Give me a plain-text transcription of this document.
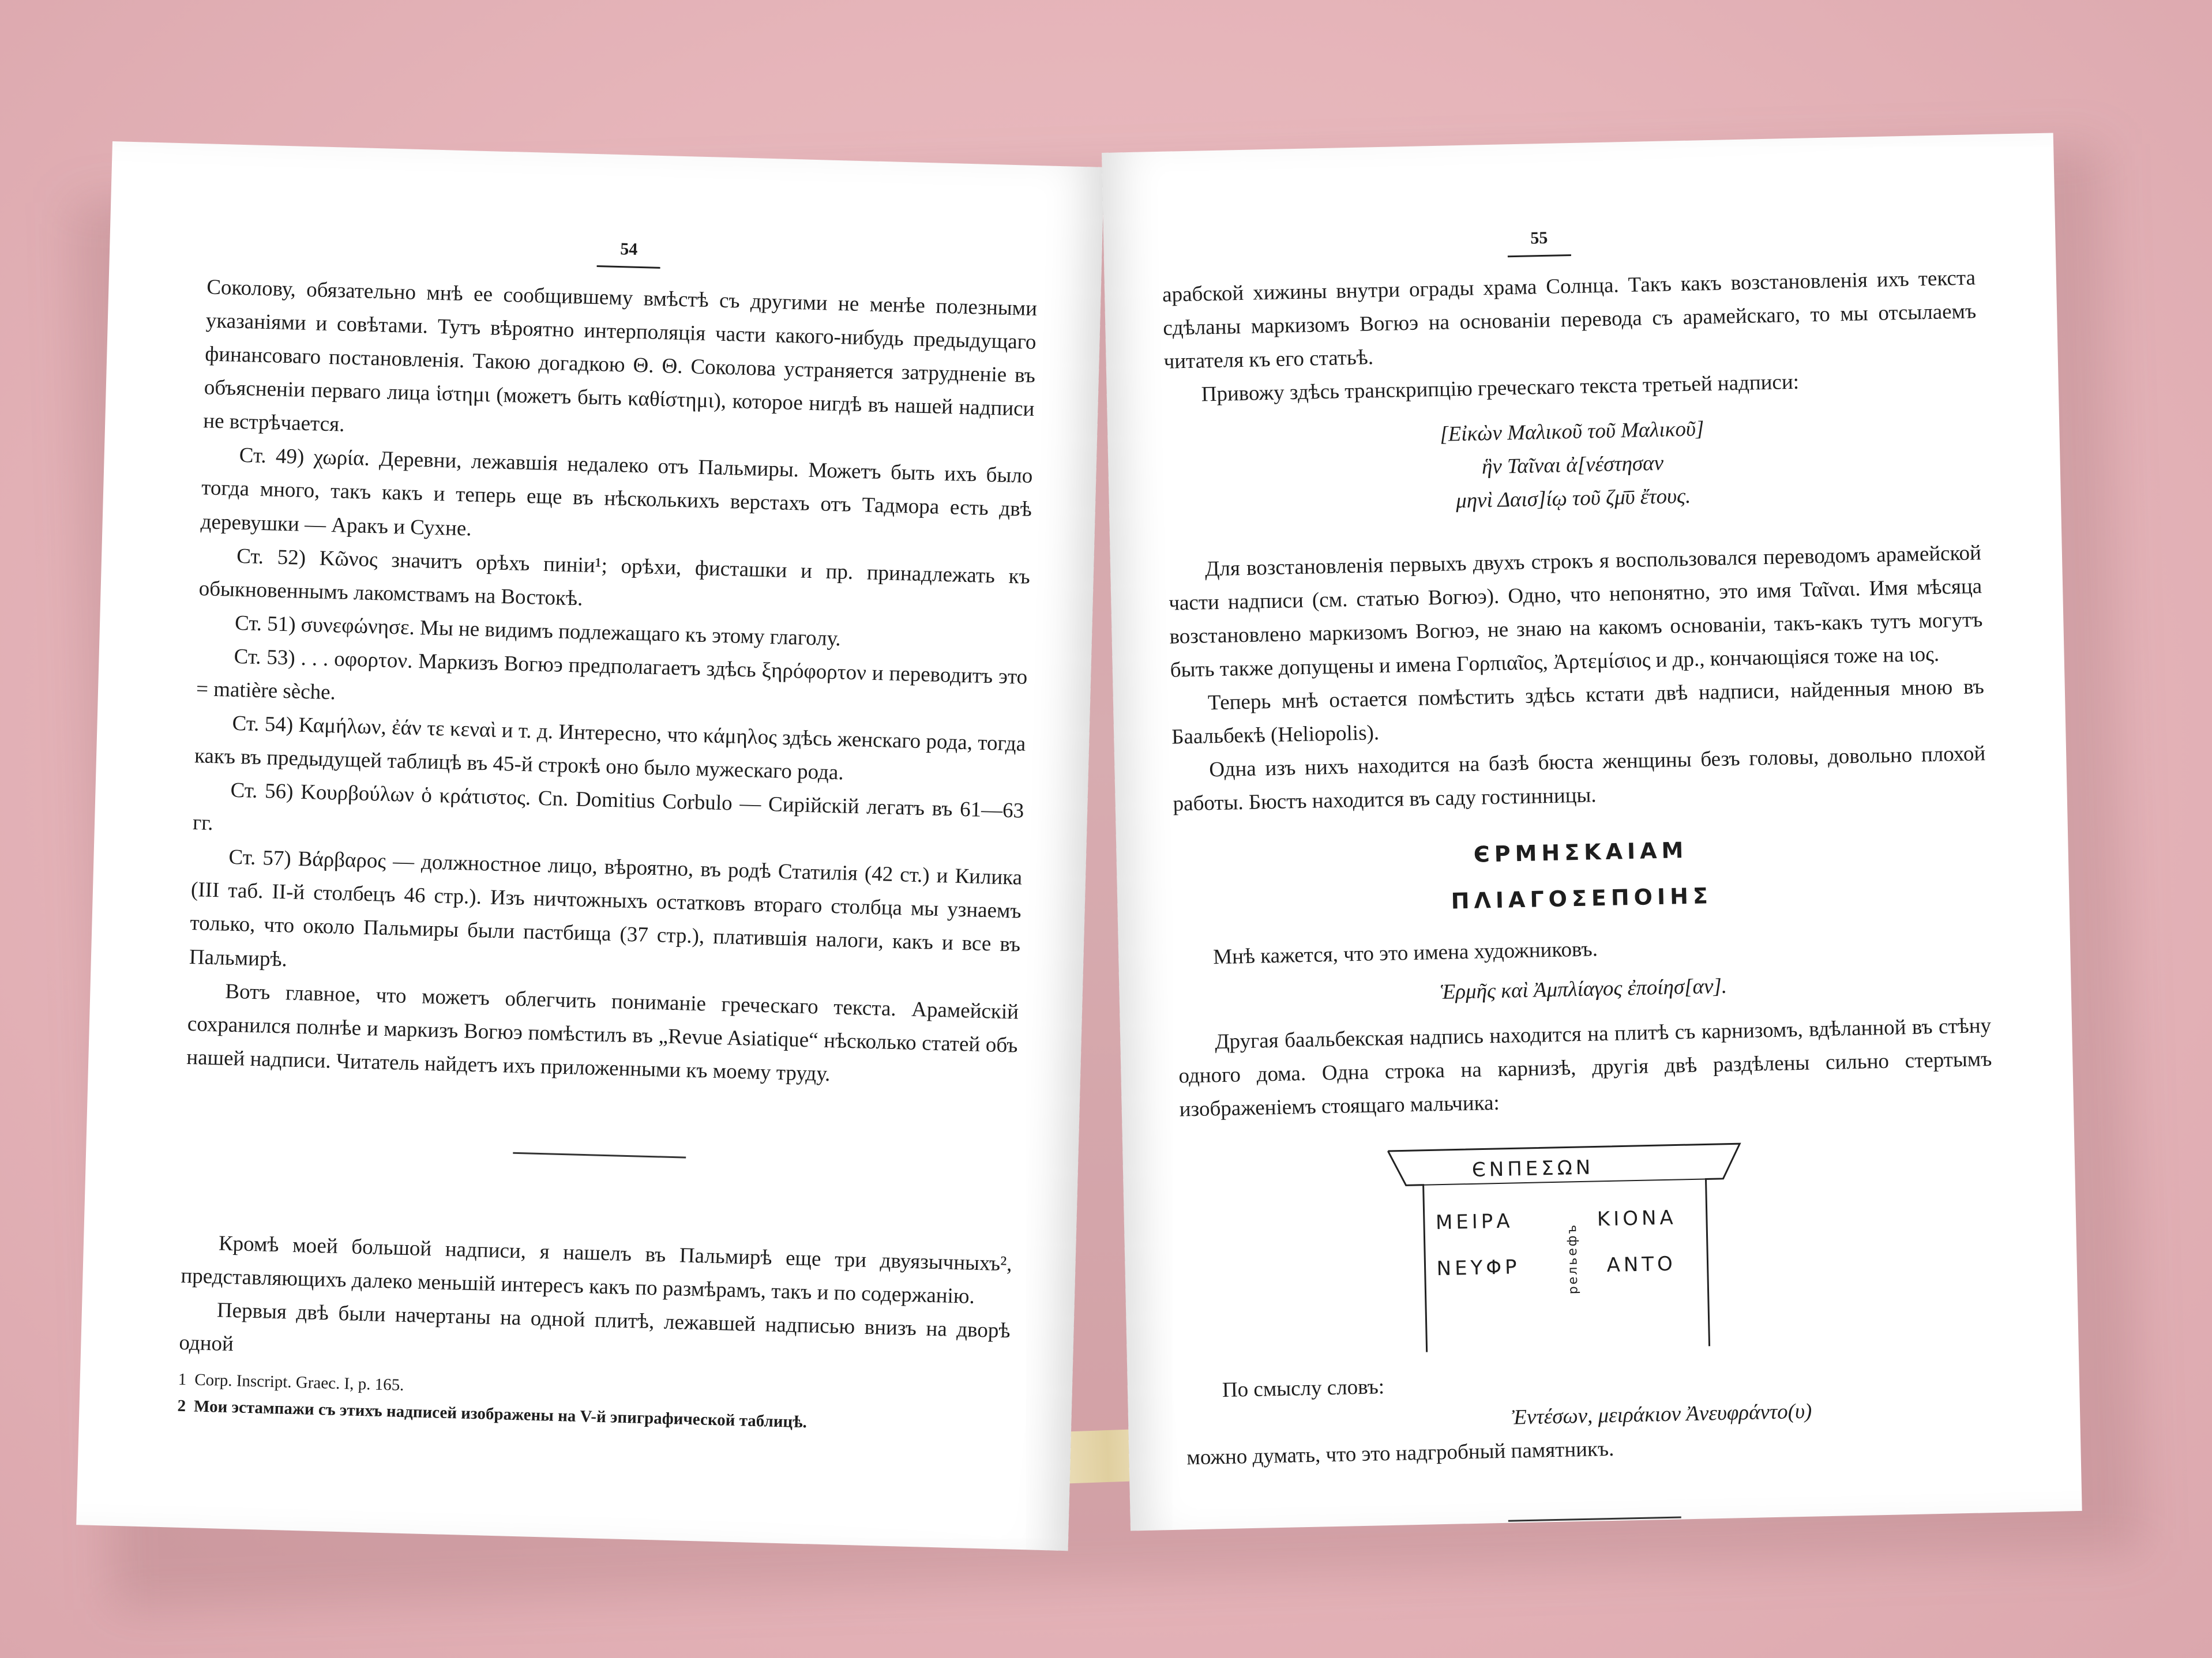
54

Соколову, обязательно мнѣ ее сообщившему вмѣстѣ съ другими не менѣе полезными указаніями и совѣтами. Тутъ вѣроятно интерполяція части какого-нибудь предыдущаго финансоваго постановленія. Такою догадкою Θ. Θ. Соколова устраняется затрудненіе въ объясненіи перваго лица ἱστημι (можетъ быть καθίστημι), которое нигдѣ въ нашей надписи не встрѣчается.

Ст. 49) χωρία. Деревни, лежавшія недалеко отъ Пальмиры. Можетъ быть ихъ было тогда много, такъ какъ и теперь еще въ нѣсколькихъ верстахъ отъ Тадмора есть двѣ деревушки — Аракъ и Сухне.

Ст. 52) Κῶνος значитъ орѣхъ пиніи¹; орѣхи, фисташки и пр. принадлежать къ обыкновеннымъ лакомствамъ на Востокѣ.

Ст. 51) συνεφώνησε. Мы не видимъ подлежащаго къ этому глаголу.

Ст. 53) . . . οφορτον. Маркизъ Вогюэ предполагаетъ здѣсь ξηρόφορτον и переводитъ это = matière sèche.

Ст. 54) Καμήλων, ἐάν τε κεναὶ и т. д. Интересно, что κάμηλος здѣсь женскаго рода, тогда какъ въ предыдущей таблицѣ въ 45-й строкѣ оно было мужескаго рода.

Ст. 56) Κουρβούλων ὁ κράτιστος. Cn. Domitius Corbulo — Сирійскій легатъ въ 61—63 гг.

Ст. 57) Βάρβαρος — должностное лицо, вѣроятно, въ родѣ Статилія (42 ст.) и Килика (III таб. II-й столбецъ 46 стр.). Изъ ничтожныхъ остатковъ втораго столбца мы узнаемъ только, что около Пальмиры были пастбища (37 стр.), платившія налоги, какъ и все въ Пальмирѣ.

Вотъ главное, что можетъ облегчить пониманіе греческаго текста. Арамейскій сохранился полнѣе и маркизъ Вогюэ помѣстилъ въ „Revue Asiatique“ нѣсколько статей объ нашей надписи. Читатель найдетъ ихъ приложенными къ моему труду.

Кромѣ моей большой надписи, я нашелъ въ Пальмирѣ еще три двуязычныхъ², представляющихъ далеко меньшій интересъ какъ по размѣрамъ, такъ и по содержанію.

Первыя двѣ были начертаны на одной плитѣ, лежавшей надписью внизъ на дворѣ одной

1 Corp. Inscript. Graec. I, p. 165.
2 Мои эстампажи съ этихъ надписей изображены на V-й эпиграфической таблицѣ.
55

арабской хижины внутри ограды храма Солнца. Такъ какъ возстановленія ихъ текста сдѣланы маркизомъ Вогюэ на основаніи перевода съ арамейскаго, то мы отсылаемъ читателя къ его статьѣ.

Привожу здѣсь транскрипцію греческаго текста третьей надписи:

[Εἰκὼν Μαλικοῦ τοῦ Μαλικοῦ]
ἣν Ταῖναι ἀ[νέστησαν
μηνὶ Δαισ]ίῳ τοῦ ζμ̄ῡ ἔτους.

Для возстановленія первыхъ двухъ строкъ я воспользовался переводомъ арамейской части надписи (см. статью Вогюэ). Одно, что непонятно, это имя Ταῖναι. Имя мѣсяца возстановлено маркизомъ Вогюэ, не знаю на какомъ основаніи, такъ-какъ тутъ могутъ быть также допущены и имена Γορπιαῖος, Ἀρτεμίσιος и др., кончающіяся тоже на ιος.

Теперь мнѣ остается помѣстить здѣсь кстати двѣ надписи, найденныя мною въ Баальбекѣ (Heliopolis).

Одна изъ нихъ находится на базѣ бюста женщины безъ головы, довольно плохой работы. Бюстъ находится въ саду гостинницы.

ЄΡΜΗΣΚΑΙΑΜ
ΠΛΙΑΓΟΣΕΠΟΙΗΣ

Мнѣ кажется, что это имена художниковъ.

Ἑρμῆς καὶ Ἀμπλίαγος ἐποίησ[αν].

Другая баальбекская надпись находится на плитѣ съ карнизомъ, вдѣланной въ стѣну одного дома. Одна строка на карнизѣ, другія двѣ раздѣлены сильно стертымъ изображеніемъ стоящаго мальчика:

ЄΝΠΕΣΩΝ
ΜΕΙΡΑ
ΝΕΥΦΡ
ΚΙΟΝΑ
ΑΝΤΟ
рельефъ

По смыслу словъ:

Ἐντέσων, μειράκιον Ἀνευφράντο(υ)

можно думать, что это надгробный памятникъ.
